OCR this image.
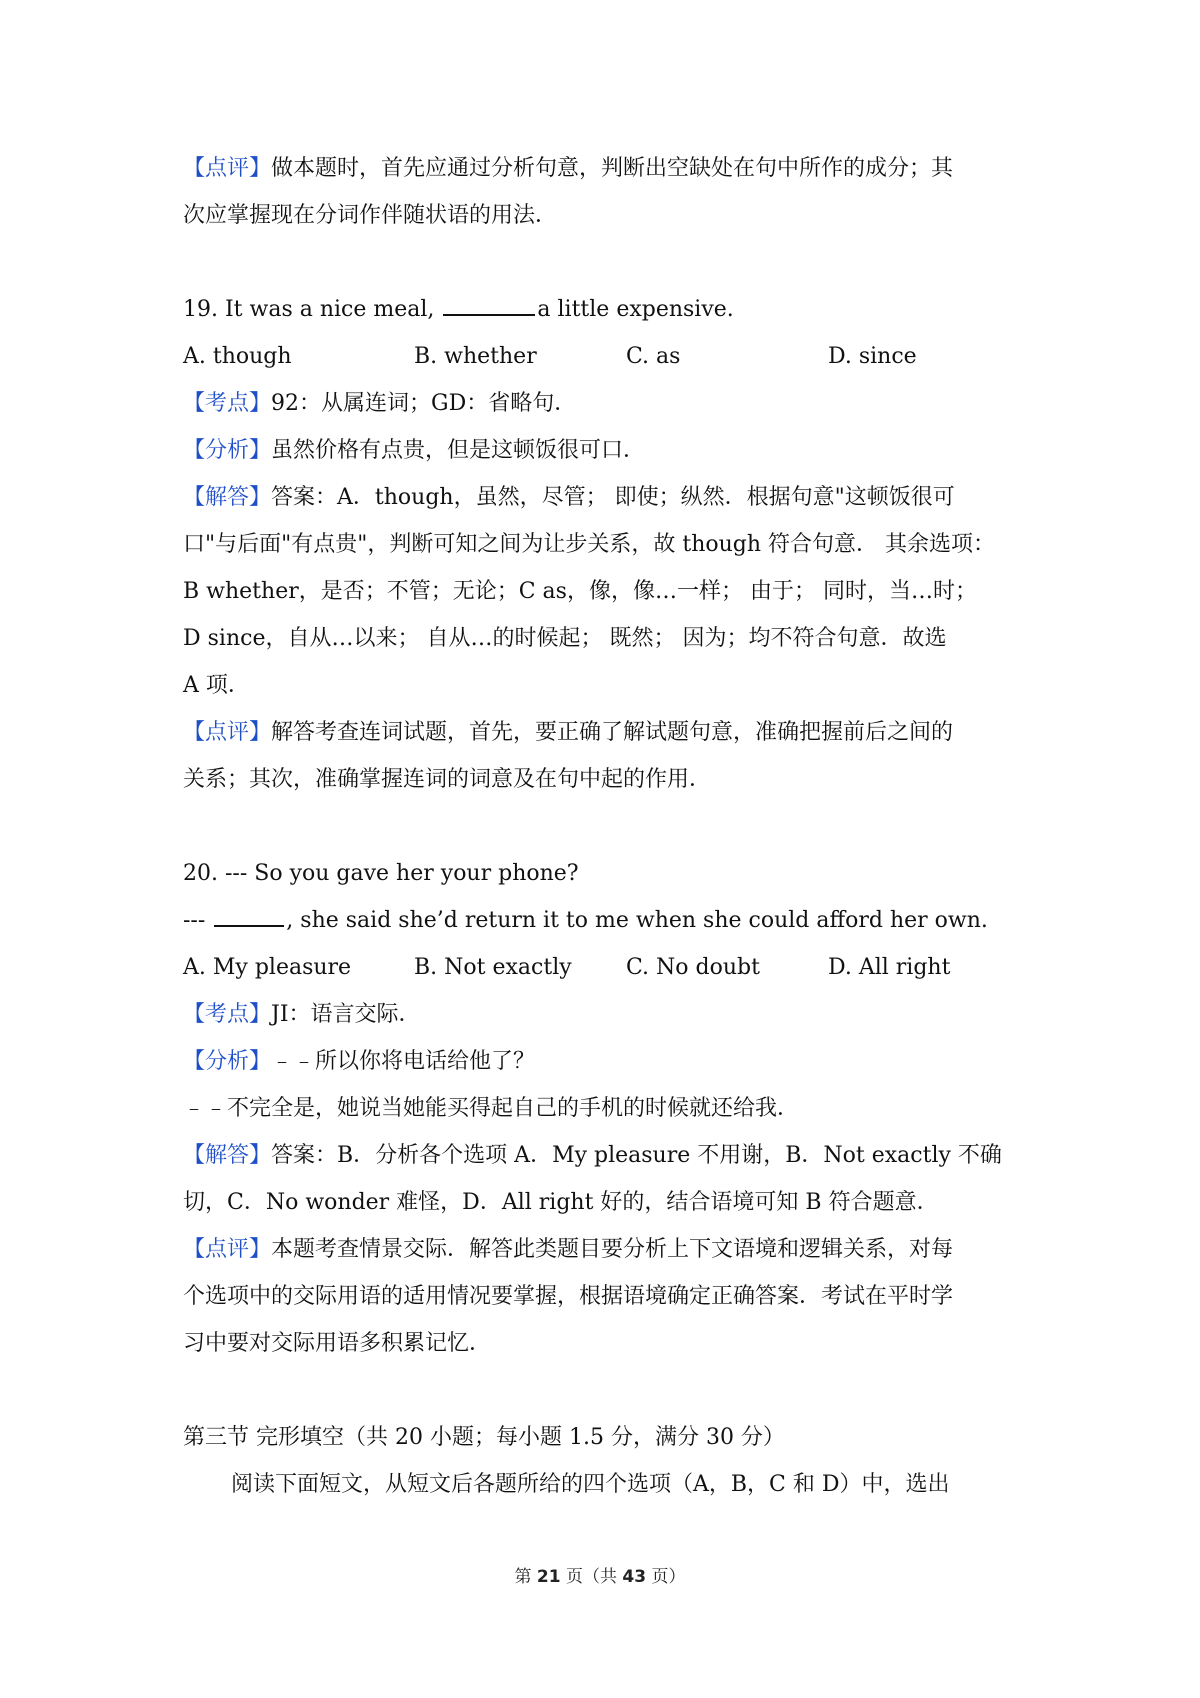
【点评】做本题时，首先应通过分析句意，判断出空缺处在句中所作的成分；其
次应掌握现在分词作伴随状语的用法．
19. It was a nice meal,	a little expensive.
A. though	B. whether	C. as	D. since
【考点】92：从属连词；GD：省略句．
【分析】虽然价格有点贵，但是这顿饭很可口．
【解答】答案：A．though，虽然，尽管； 即使；纵然．根据句意"这顿饭很可
口"与后面"有点贵"，判断可知之间为让步关系，故 though 符合句意． 其余选项：
B whether，是否；不管；无论；C as，像，像…一样； 由于； 同时，当…时；
D since，自从…以来； 自从…的时候起； 既然； 因为；均不符合句意．故选
A 项．
【点评】解答考查连词试题，首先，要正确了解试题句意，准确把握前后之间的
关系；其次，准确掌握连词的词意及在句中起的作用．
20. --- So you gave her your phone?
---	, she said she’d return it to me when she could afford her own.
A. My pleasure	B. Not exactly	C. No doubt	D. All right
【考点】JI：语言交际．
【分析】﹣﹣所以你将电话给他了？
﹣﹣不完全是，她说当她能买得起自己的手机的时候就还给我．
【解答】答案：B．分析各个选项 A．My pleasure 不用谢，B．Not exactly 不确
切，C．No wonder 难怪，D．All right 好的，结合语境可知 B 符合题意．
【点评】本题考查情景交际．解答此类题目要分析上下文语境和逻辑关系，对每
个选项中的交际用语的适用情况要掌握，根据语境确定正确答案．考试在平时学
习中要对交际用语多积累记忆．
第三节 完形填空（共 20 小题；每小题 1.5 分，满分 30 分）
阅读下面短文，从短文后各题所给的四个选项（A，B，C 和 D）中，选出
第 21 页（共 43 页）
